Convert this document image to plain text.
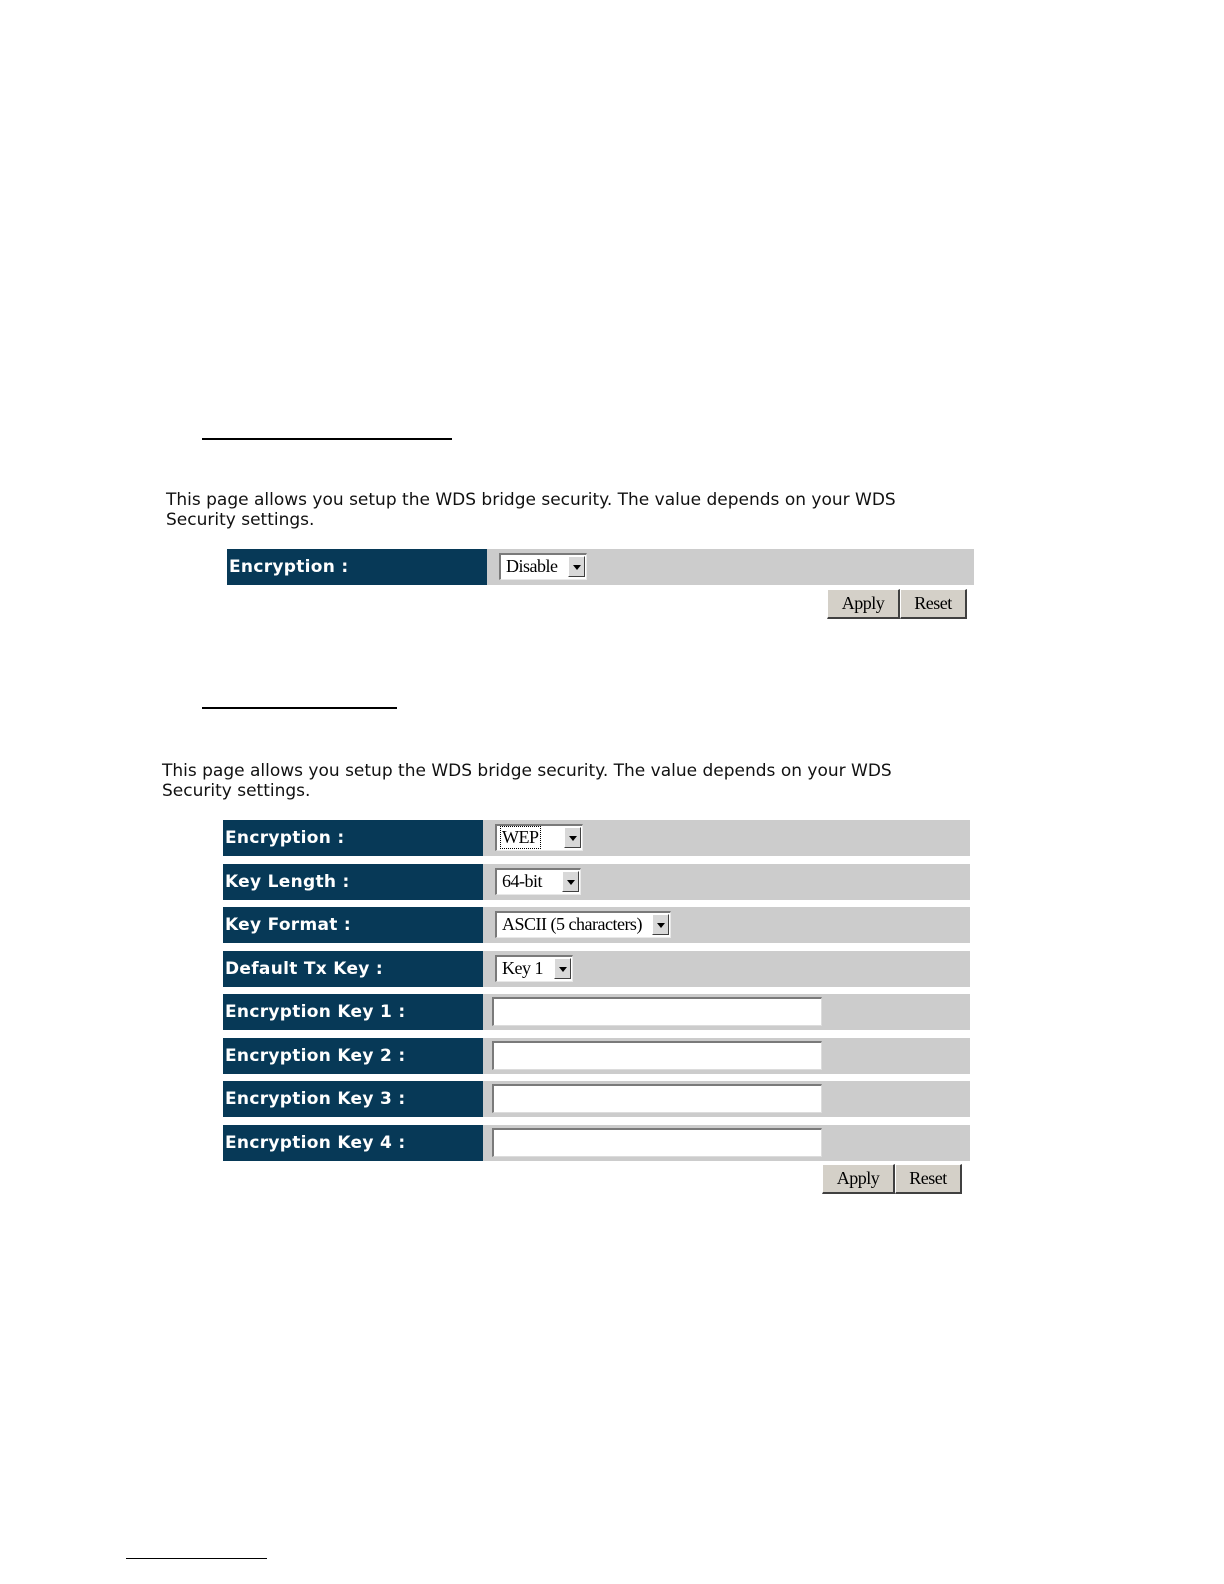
This page allows you setup the WDS bridge security. The value depends on your WDS Security settings.
Encryption :	Disable
Apply	Reset
This page allows you setup the WDS bridge security. The value depends on your WDS Security settings.
Encryption :	WEP
Key Length :	64-bit
Key Format :	ASCII (5 characters)
Default Tx Key :	Key 1
Encryption Key 1 :
Encryption Key 2 :
Encryption Key 3 :
Encryption Key 4 :
Apply	Reset
